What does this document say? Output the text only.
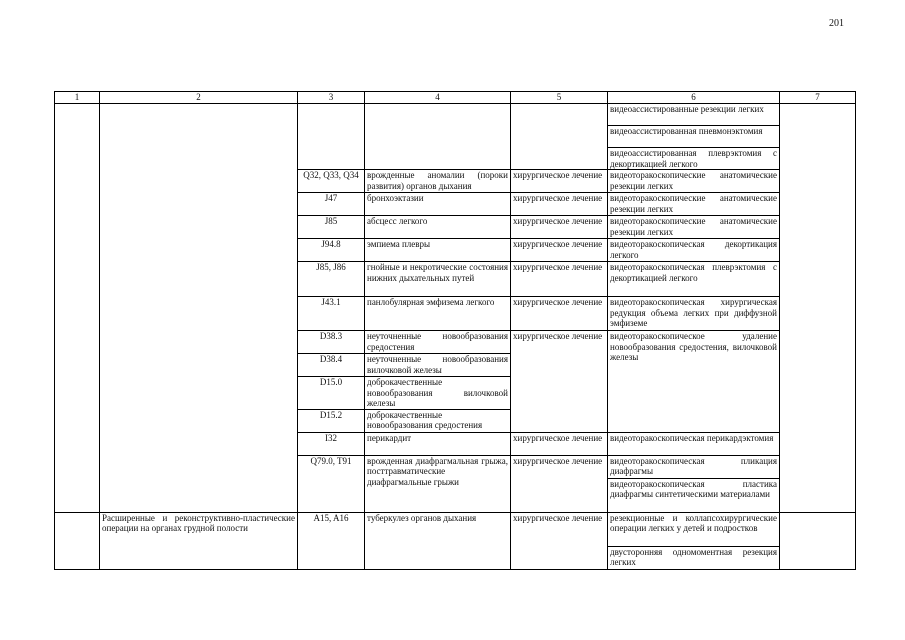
201
1	2	3	4	5	6	7

					видеоассистированные резекции легких
видеоассистированная пневмонэктомия
видеоассистированная плеврэктомия с декортикацией легкого	

		Q32, Q33, Q34	врожденные аномалии (пороки развития) органов дыхания	хирургическое лечение	видеоторакоскопические анатомические резекции легких	
		J47	бронхоэктазии	хирургическое лечение	видеоторакоскопические анатомические резекции легких	
		J85	абсцесс легкого	хирургическое лечение	видеоторакоскопические анатомические резекции легких	
		J94.8	эмпиема плевры	хирургическое лечение	видеоторакоскопическая декортикация легкого	
		J85, J86	гнойные и некротические состояния нижних дыхательных путей	хирургическое лечение	видеоторакоскопическая плеврэктомия с декортикацией легкого	
		J43.1	панлобулярная эмфизема легкого	хирургическое лечение	видеоторакоскопическая хирургическая редукция объема легких при диффузной эмфиземе	
		D38.3	неуточненные новообразования средостения	хирургическое лечение	видеоторакоскопическое удаление новообразования средостения, вилочковой железы	
		D38.4	неуточненные новообразования вилочковой железы			
		D15.0	доброкачественные новообразования вилочковой железы			
		D15.2	доброкачественные новообразования средостения			
		I32	перикардит	хирургическое лечение	видеоторакоскопическая перикардэктомия	
		Q79.0, T91	врожденная диафрагмальная грыжа, посттравматические диафрагмальные грыжи	хирургическое лечение	видеоторакоскопическая пликация диафрагмы
видеоторакоскопическая пластика диафрагмы синтетическими материалами	

	Расширенные и реконструктивно-пластические операции на органах грудной полости	A15, A16	туберкулез органов дыхания	хирургическое лечение	резекционные и коллапсохирургические операции легких у детей и подростков
двусторонняя одномоментная резекция легких	
